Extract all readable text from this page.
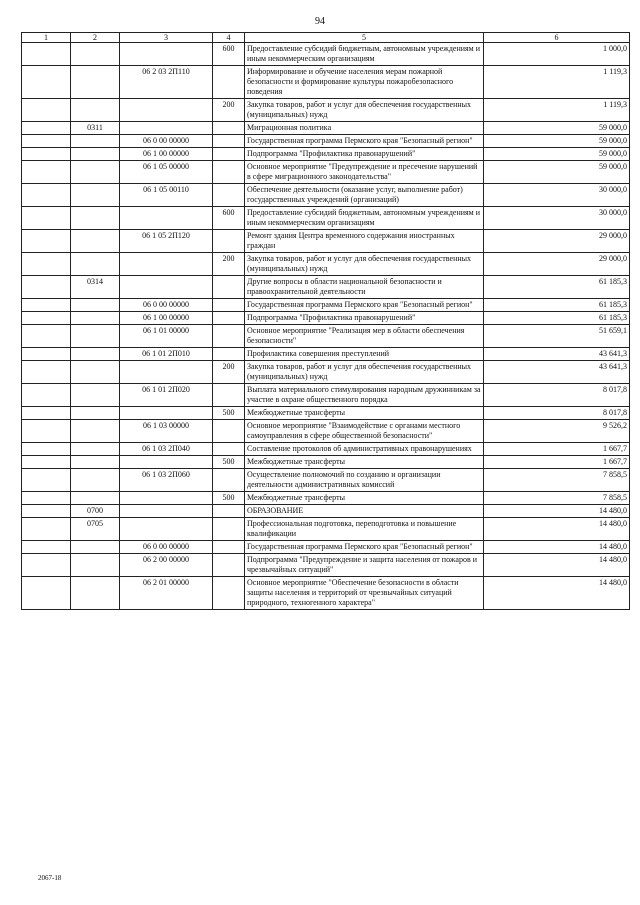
94
1	2	3	4	5	6
			600	Предоставление субсидий бюджетным, автономным учреждениям и иным некоммерческим организациям	1 000,0
		06 2 03 2П110		Информирование и обучение населения мерам пожарной безопасности и формирование культуры пожаробезопасного поведения	1 119,3
			200	Закупка товаров, работ и услуг для обеспечения государственных (муниципальных) нужд	1 119,3
	0311			Миграционная политика	59 000,0
		06 0 00 00000		Государственная программа Пермского края "Безопасный регион"	59 000,0
		06 1 00 00000		Подпрограмма "Профилактика правонарушений"	59 000,0
		06 1 05 00000		Основное мероприятие "Предупреждение и пресечение нарушений в сфере миграционного законодательства"	59 000,0
		06 1 05 00110		Обеспечение деятельности (оказание услуг, выполнение работ) государственных учреждений (организаций)	30 000,0
			600	Предоставление субсидий бюджетным, автономным учреждениям и иным некоммерческим организациям	30 000,0
		06 1 05 2П120		Ремонт здания Центра временного содержания иностранных граждан	29 000,0
			200	Закупка товаров, работ и услуг для обеспечения государственных (муниципальных) нужд	29 000,0
	0314			Другие вопросы в области национальной безопасности и правоохранительной деятельности	61 185,3
		06 0 00 00000		Государственная программа Пермского края "Безопасный регион"	61 185,3
		06 1 00 00000		Подпрограмма "Профилактика правонарушений"	61 185,3
		06 1 01 00000		Основное мероприятие "Реализация мер в области обеспечения безопасности"	51 659,1
		06 1 01 2П010		Профилактика совершения преступлений	43 641,3
			200	Закупка товаров, работ и услуг для обеспечения государственных (муниципальных) нужд	43 641,3
		06 1 01 2П020		Выплата материального стимулирования народным дружинникам за участие в охране общественного порядка	8 017,8
			500	Межбюджетные трансферты	8 017,8
		06 1 03 00000		Основное мероприятие "Взаимодействие с органами местного самоуправления в сфере общественной безопасности"	9 526,2
		06 1 03 2П040		Составление протоколов об административных правонарушениях	1 667,7
			500	Межбюджетные трансферты	1 667,7
		06 1 03 2П060		Осуществление полномочий по созданию и организации деятельности административных комиссий	7 858,5
			500	Межбюджетные трансферты	7 858,5
	0700			ОБРАЗОВАНИЕ	14 480,0
	0705			Профессиональная подготовка, переподготовка и повышение квалификации	14 480,0
		06 0 00 00000		Государственная программа Пермского края "Безопасный регион"	14 480,0
		06 2 00 00000		Подпрограмма "Предупреждение и защита населения от пожаров и чрезвычайных ситуаций"	14 480,0
		06 2 01 00000		Основное мероприятие "Обеспечение безопасности в области защиты населения и территорий от чрезвычайных ситуаций природного, техногенного характера"	14 480,0
2067-18
